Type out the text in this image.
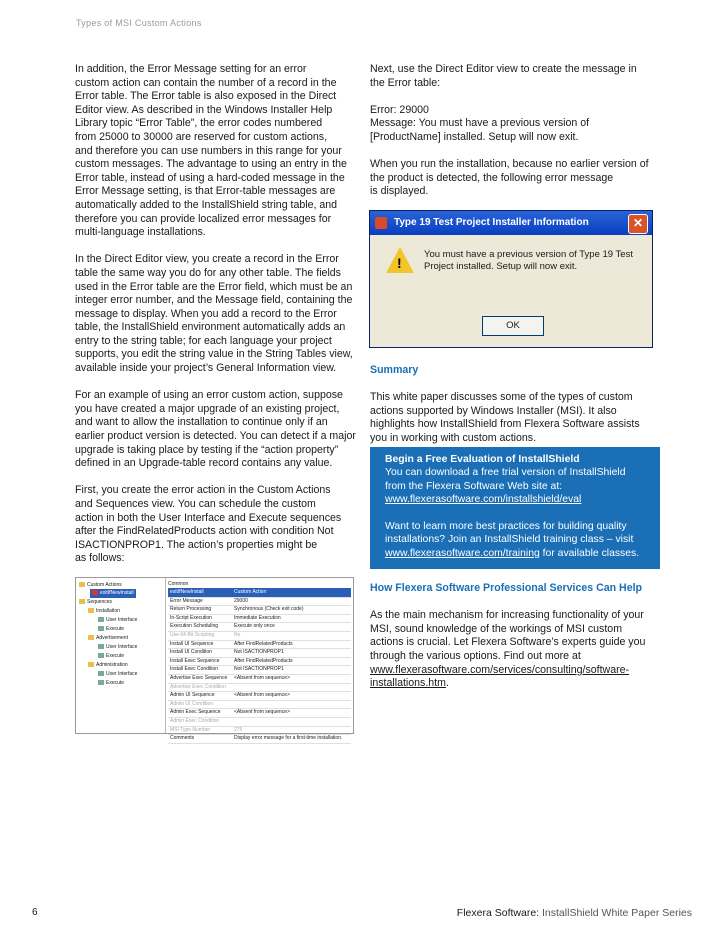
Types of MSI Custom Actions

In addition, the Error Message setting for an error
custom action can contain the number of a record in the
Error table. The Error table is also exposed in the Direct
Editor view. As described in the Windows Installer Help
Library topic “Error Table”, the error codes numbered
from 25000 to 30000 are reserved for custom actions,
and therefore you can use numbers in this range for your
custom messages. The advantage to using an entry in the
Error table, instead of using a hard-coded message in the
Error Message setting, is that Error-table messages are
automatically added to the InstallShield string table, and
therefore you can provide localized error messages for
multi-language installations.

In the Direct Editor view, you create a record in the Error
table the same way you do for any other table. The fields
used in the Error table are the Error field, which must be an
integer error number, and the Message field, containing the
message to display. When you add a record to the Error
table, the InstallShield environment automatically adds an
entry to the string table; for each language your project
supports, you edit the string value in the String Tables view,
available inside your project’s General Information view.

For an example of using an error custom action, suppose
you have created a major upgrade of an existing project,
and want to allow the installation to continue only if an
earlier product version is detected. You can detect if a major
upgrade is taking place by testing if the “action property”
defined in an Upgrade-table record contains any value.

First, you create the error action in the Custom Actions
and Sequences view. You can schedule the custom
action in both the User Interface and Execute sequences
after the FindRelatedProducts action with condition Not
ISACTIONPROP1. The action’s properties might be
as follows:

Custom Actions
exitIfNewInstall
Sequences
Installation
User Interface
Execute
Advertisement
User Interface
Execute
Administration
User Interface
Execute
Common
exitIfNewInstall	Custom Action
Error Message	29000
Return Processing	Synchronous (Check exit code)
In-Script Execution	Immediate Execution
Execution Scheduling	Execute only once
Use 64-Bit Scripting	No
Install UI Sequence	After FindRelatedProducts
Install UI Condition	Not ISACTIONPROP1
Install Exec Sequence	After FindRelatedProducts
Install Exec Condition	Not ISACTIONPROP1
Advertise Exec Sequence <Absent from sequence>
Advertise Exec Condition
Admin UI Sequence	<Absent from sequence>
Admin UI Condition
Admin Exec Sequence	<Absent from sequence>
Admin Exec Condition
MSI Type Number	275
Comments	Display error message for a first-time installation.

Next, use the Direct Editor view to create the message in
the Error table:

Error: 29000
Message: You must have a previous version of
[ProductName] installed. Setup will now exit.

When you run the installation, because no earlier version of
the product is detected, the following error message
is displayed.

Type 19 Test Project Installer Information	✕
!
You must have a previous version of Type 19 Test
Project installed. Setup will now exit.
OK

Summary

This white paper discusses some of the types of custom
actions supported by Windows Installer (MSI). It also
highlights how InstallShield from Flexera Software assists
you in working with custom actions.

Begin a Free Evaluation of InstallShield

You can download a free trial version of InstallShield
from the Flexera Software Web site at:
www.flexerasoftware.com/installshield/eval

Want to learn more best practices for building quality
installations? Join an InstallShield training class – visit
www.flexerasoftware.com/training for available classes.

How Flexera Software Professional Services Can Help

As the main mechanism for increasing functionality of your
MSI, sound knowledge of the workings of MSI custom
actions is crucial. Let Flexera Software’s experts guide you
through the various options. Find out more at

www.flexerasoftware.com/services/consulting/software-
installations.htm.

6	Flexera Software: InstallShield White Paper Series
